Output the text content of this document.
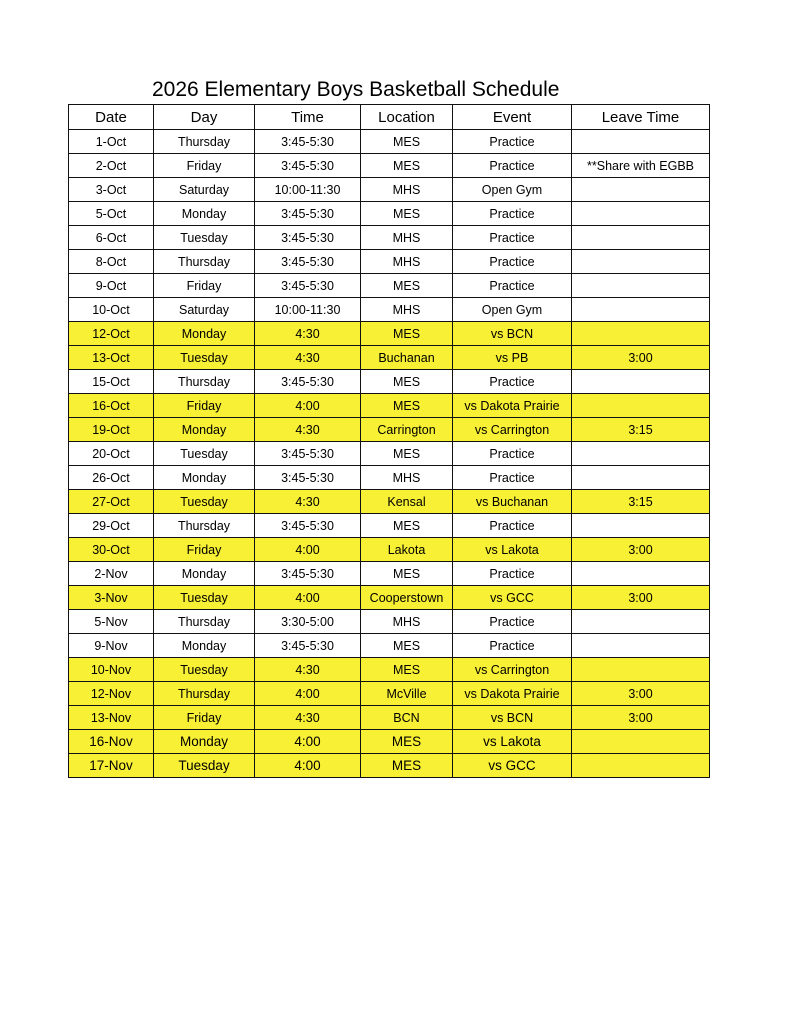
2026 Elementary Boys Basketball Schedule
Date	Day	Time	Location	Event	Leave Time
1-Oct	Thursday	3:45-5:30	MES	Practice	
2-Oct	Friday	3:45-5:30	MES	Practice	**Share with EGBB
3-Oct	Saturday	10:00-11:30	MHS	Open Gym	
5-Oct	Monday	3:45-5:30	MES	Practice	
6-Oct	Tuesday	3:45-5:30	MHS	Practice	
8-Oct	Thursday	3:45-5:30	MHS	Practice	
9-Oct	Friday	3:45-5:30	MES	Practice	
10-Oct	Saturday	10:00-11:30	MHS	Open Gym	
12-Oct	Monday	4:30	MES	vs BCN	
13-Oct	Tuesday	4:30	Buchanan	vs PB	3:00
15-Oct	Thursday	3:45-5:30	MES	Practice	
16-Oct	Friday	4:00	MES	vs Dakota Prairie	
19-Oct	Monday	4:30	Carrington	vs Carrington	3:15
20-Oct	Tuesday	3:45-5:30	MES	Practice	
26-Oct	Monday	3:45-5:30	MHS	Practice	
27-Oct	Tuesday	4:30	Kensal	vs Buchanan	3:15
29-Oct	Thursday	3:45-5:30	MES	Practice	
30-Oct	Friday	4:00	Lakota	vs Lakota	3:00
2-Nov	Monday	3:45-5:30	MES	Practice	
3-Nov	Tuesday	4:00	Cooperstown	vs GCC	3:00
5-Nov	Thursday	3:30-5:00	MHS	Practice	
9-Nov	Monday	3:45-5:30	MES	Practice	
10-Nov	Tuesday	4:30	MES	vs Carrington	
12-Nov	Thursday	4:00	McVille	vs Dakota Prairie	3:00
13-Nov	Friday	4:30	BCN	vs BCN	3:00
16-Nov	Monday	4:00	MES	vs Lakota	
17-Nov	Tuesday	4:00	MES	vs GCC	
